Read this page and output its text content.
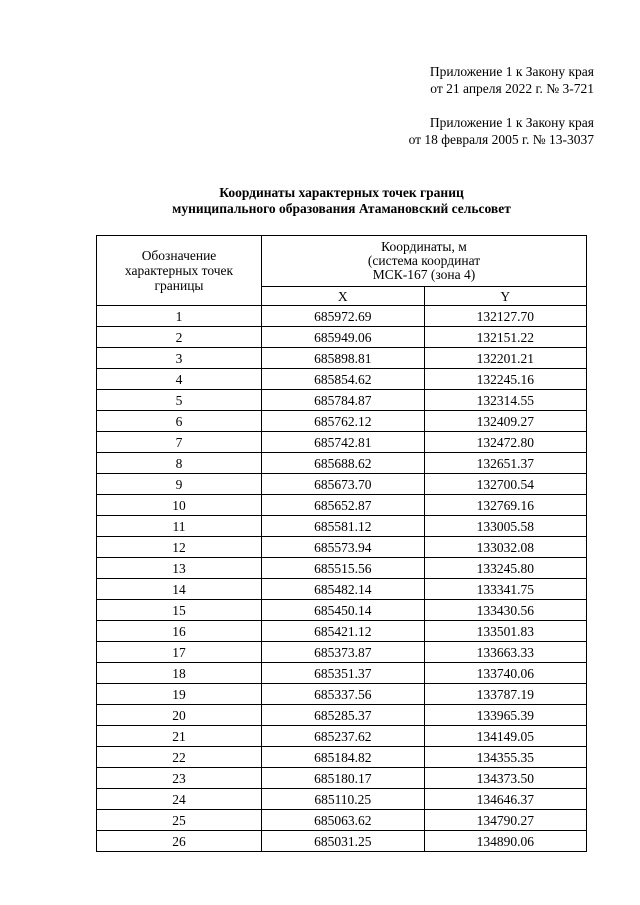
Приложение 1 к Закону края
от 21 апреля 2022 г. № 3-721
Приложение 1 к Закону края
от 18 февраля 2005 г. № 13-3037
Координаты характерных точек границ
муниципального образования Атамановский сельсовет
Обозначение
характерных точек
границы	Координаты, м
(система координат
МСК-167 (зона 4)	

	X	Y
1	685972.69	132127.70
2	685949.06	132151.22
3	685898.81	132201.21
4	685854.62	132245.16
5	685784.87	132314.55
6	685762.12	132409.27
7	685742.81	132472.80
8	685688.62	132651.37
9	685673.70	132700.54
10	685652.87	132769.16
11	685581.12	133005.58
12	685573.94	133032.08
13	685515.56	133245.80
14	685482.14	133341.75
15	685450.14	133430.56
16	685421.12	133501.83
17	685373.87	133663.33
18	685351.37	133740.06
19	685337.56	133787.19
20	685285.37	133965.39
21	685237.62	134149.05
22	685184.82	134355.35
23	685180.17	134373.50
24	685110.25	134646.37
25	685063.62	134790.27
26	685031.25	134890.06
